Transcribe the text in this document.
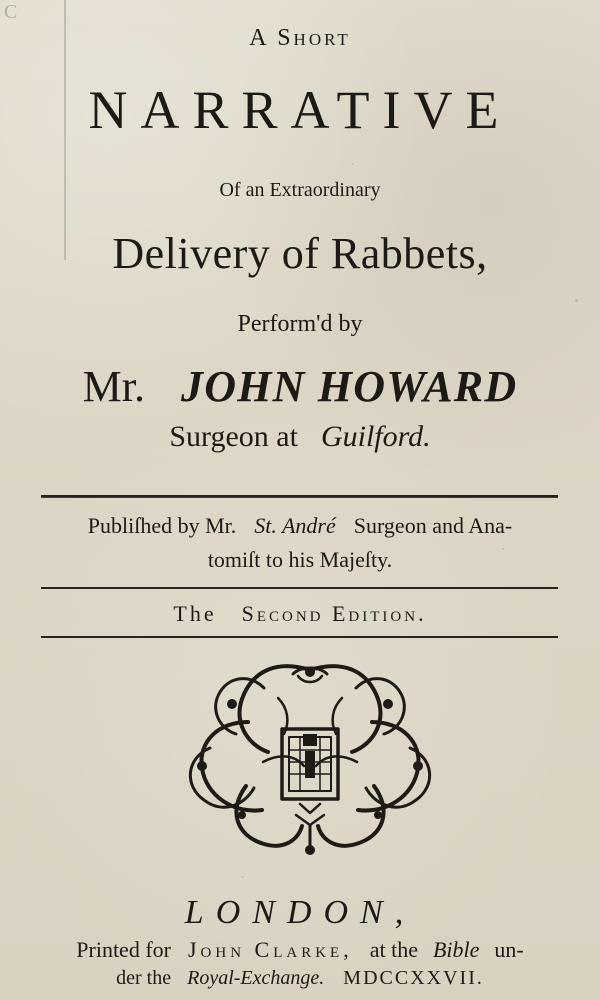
C
A Short
NARRATIVE
Of an Extraordinary
Delivery of Rabbets,
Perform'd by
Mr. JOHN HOWARD
Surgeon at Guilford.
Publiſhed by Mr. St. André Surgeon and Ana-
tomiſt to his Majeſty.
The Second Edition.
LONDON,
Printed for John Clarke, at the Bible un-
der the Royal-Exchange. MDCCXXVII.
